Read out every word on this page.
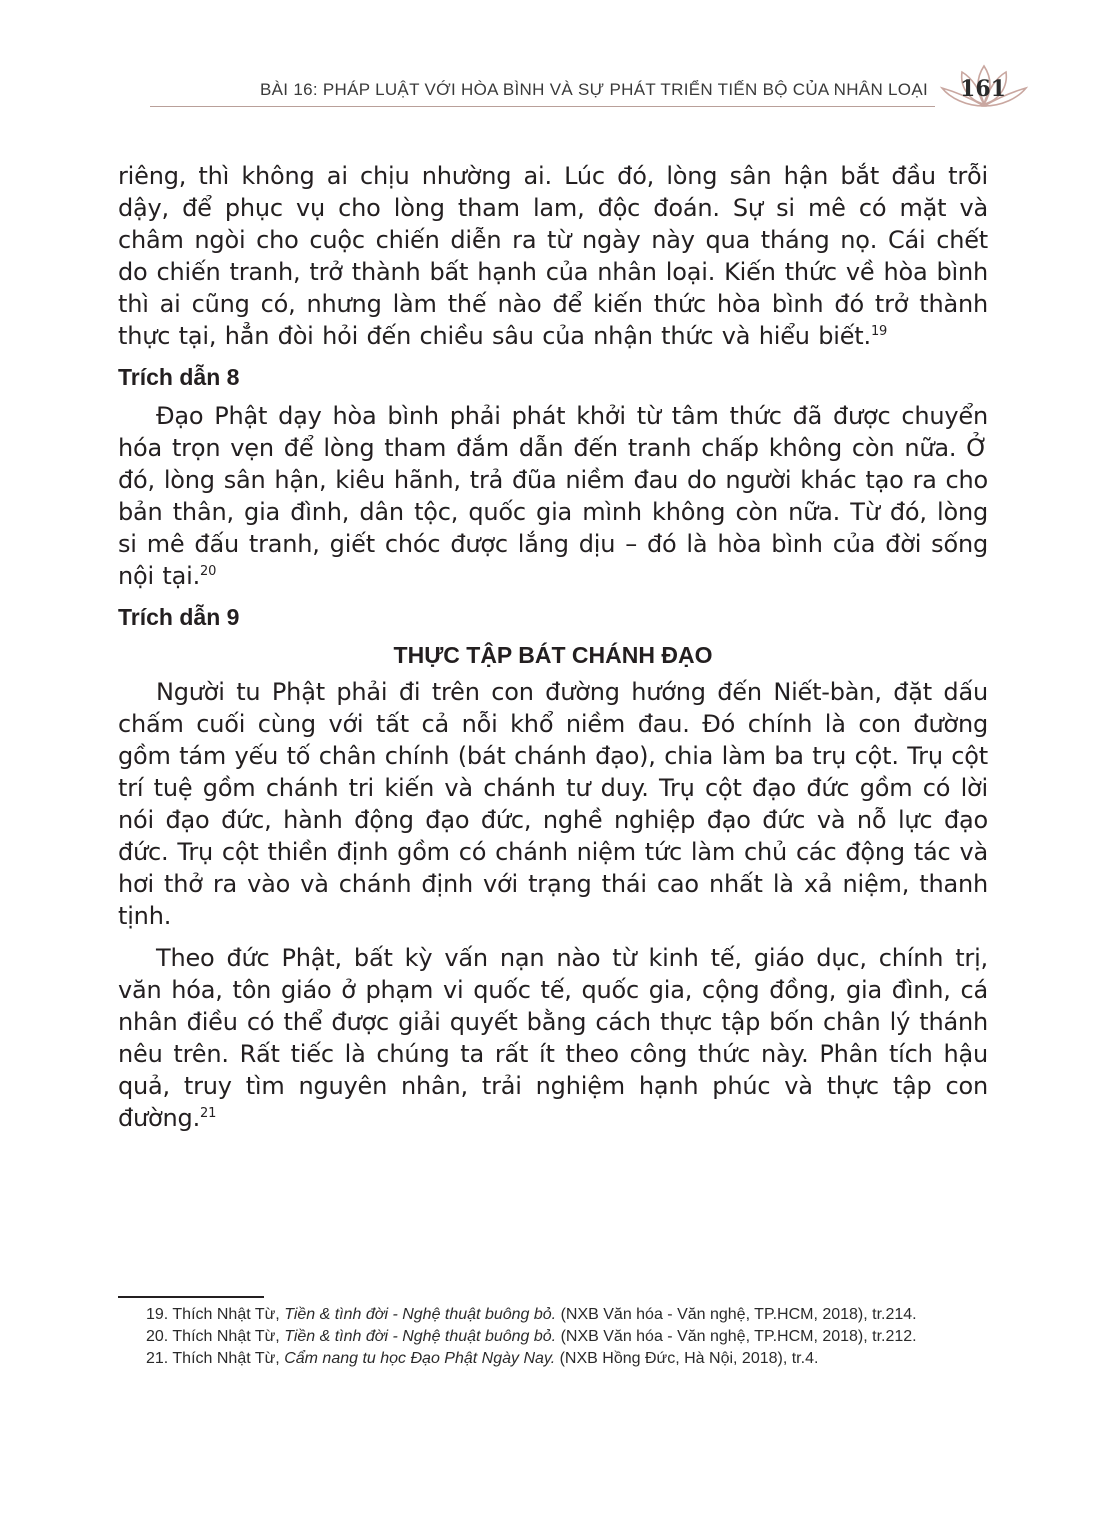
BÀI 16: PHÁP LUẬT VỚI HÒA BÌNH VÀ SỰ PHÁT TRIỂN TIẾN BỘ CỦA NHÂN LOẠI 161

riêng, thì không ai chịu nhường ai. Lúc đó, lòng sân hận bắt đầu trỗi dậy, để phục vụ cho lòng tham lam, độc đoán. Sự si mê có mặt và châm ngòi cho cuộc chiến diễn ra từ ngày này qua tháng nọ. Cái chết do chiến tranh, trở thành bất hạnh của nhân loại. Kiến thức về hòa bình thì ai cũng có, nhưng làm thế nào để kiến thức hòa bình đó trở thành thực tại, hẳn đòi hỏi đến chiều sâu của nhận thức và hiểu biết.$^{19}$

Trích dẫn 8

Đạo Phật dạy hòa bình phải phát khởi từ tâm thức đã được chuyển hóa trọn vẹn để lòng tham đắm dẫn đến tranh chấp không còn nữa. Ở đó, lòng sân hận, kiêu hãnh, trả đũa niềm đau do người khác tạo ra cho bản thân, gia đình, dân tộc, quốc gia mình không còn nữa. Từ đó, lòng si mê đấu tranh, giết chóc được lắng dịu – đó là hòa bình của đời sống nội tại.$^{20}$

Trích dẫn 9
THỰC TẬP BÁT CHÁNH ĐẠO

Người tu Phật phải đi trên con đường hướng đến Niết-bàn, đặt dấu chấm cuối cùng với tất cả nỗi khổ niềm đau. Đó chính là con đường gồm tám yếu tố chân chính (bát chánh đạo), chia làm ba trụ cột. Trụ cột trí tuệ gồm chánh tri kiến và chánh tư duy. Trụ cột đạo đức gồm có lời nói đạo đức, hành động đạo đức, nghề nghiệp đạo đức và nỗ lực đạo đức. Trụ cột thiền định gồm có chánh niệm tức làm chủ các động tác và hơi thở ra vào và chánh định với trạng thái cao nhất là xả niệm, thanh tịnh.

Theo đức Phật, bất kỳ vấn nạn nào từ kinh tế, giáo dục, chính trị, văn hóa, tôn giáo ở phạm vi quốc tế, quốc gia, cộng đồng, gia đình, cá nhân điều có thể được giải quyết bằng cách thực tập bốn chân lý thánh nêu trên. Rất tiếc là chúng ta rất ít theo công thức này. Phân tích hậu quả, truy tìm nguyên nhân, trải nghiệm hạnh phúc và thực tập con đường.$^{21}$

19. Thích Nhật Từ, Tiền & tình đời - Nghệ thuật buông bỏ. (NXB Văn hóa - Văn nghệ, TP.HCM, 2018), tr.214.

20. Thích Nhật Từ, Tiền & tình đời - Nghệ thuật buông bỏ. (NXB Văn hóa - Văn nghệ, TP.HCM, 2018), tr.212.

21. Thích Nhật Từ, Cẩm nang tu học Đạo Phật Ngày Nay. (NXB Hồng Đức, Hà Nội, 2018), tr.4.
